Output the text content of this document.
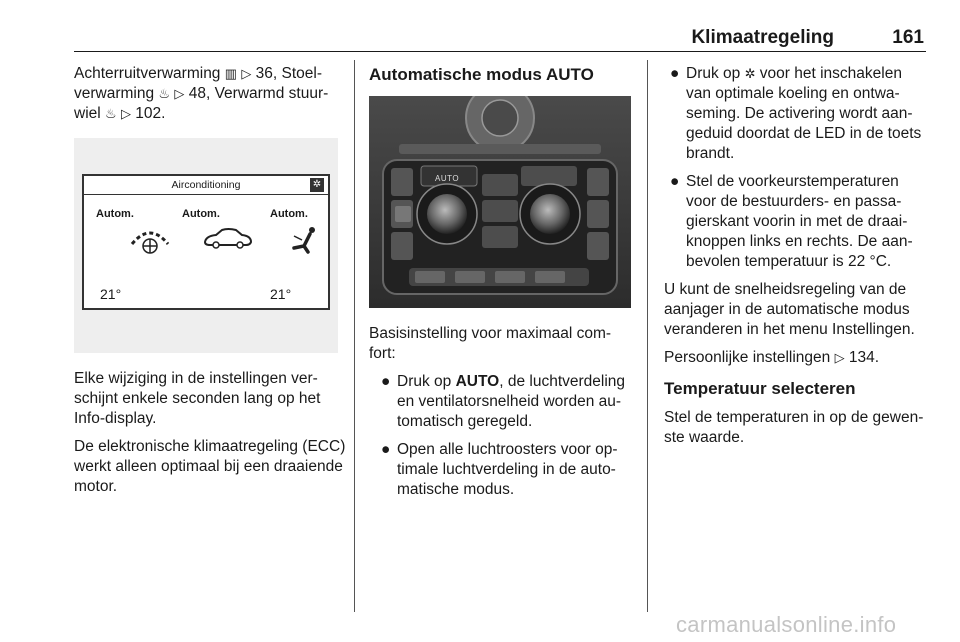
Klimaatregeling	161

Achterruitverwarming ▥ ▷ 36, Stoel-verwarming ♨ ▷ 48, Verwarmd stuur-wiel ♨ ▷ 102.

Airconditioning	✲
Autom.	Autom.	Autom.
21°	21°

Elke wijziging in de instellingen ver-schijnt enkele seconden lang op het Info-display.

De elektronische klimaatregeling (ECC) werkt alleen optimaal bij een draaiende motor.

Automatische modus AUTO
AUTO

Basisinstelling voor maximaal com-fort:

● Druk op AUTO, de luchtverdeling en ventilatorsnelheid worden au-tomatisch geregeld.
● Open alle luchtroosters voor op-timale luchtverdeling in de auto-matische modus.
● Druk op ✲ voor het inschakelen van optimale koeling en ontwa-seming. De activering wordt aan-geduid doordat de LED in de toets brandt.
● Stel de voorkeurstemperaturen voor de bestuurders- en passa-gierskant voorin in met de draai-knoppen links en rechts. De aan-bevolen temperatuur is 22 °C.

U kunt de snelheidsregeling van de aanjager in de automatische modus veranderen in het menu Instellingen.

Persoonlijke instellingen ▷ 134.

Temperatuur selecteren

Stel de temperaturen in op de gewen-ste waarde.

carmanualsonline.info
